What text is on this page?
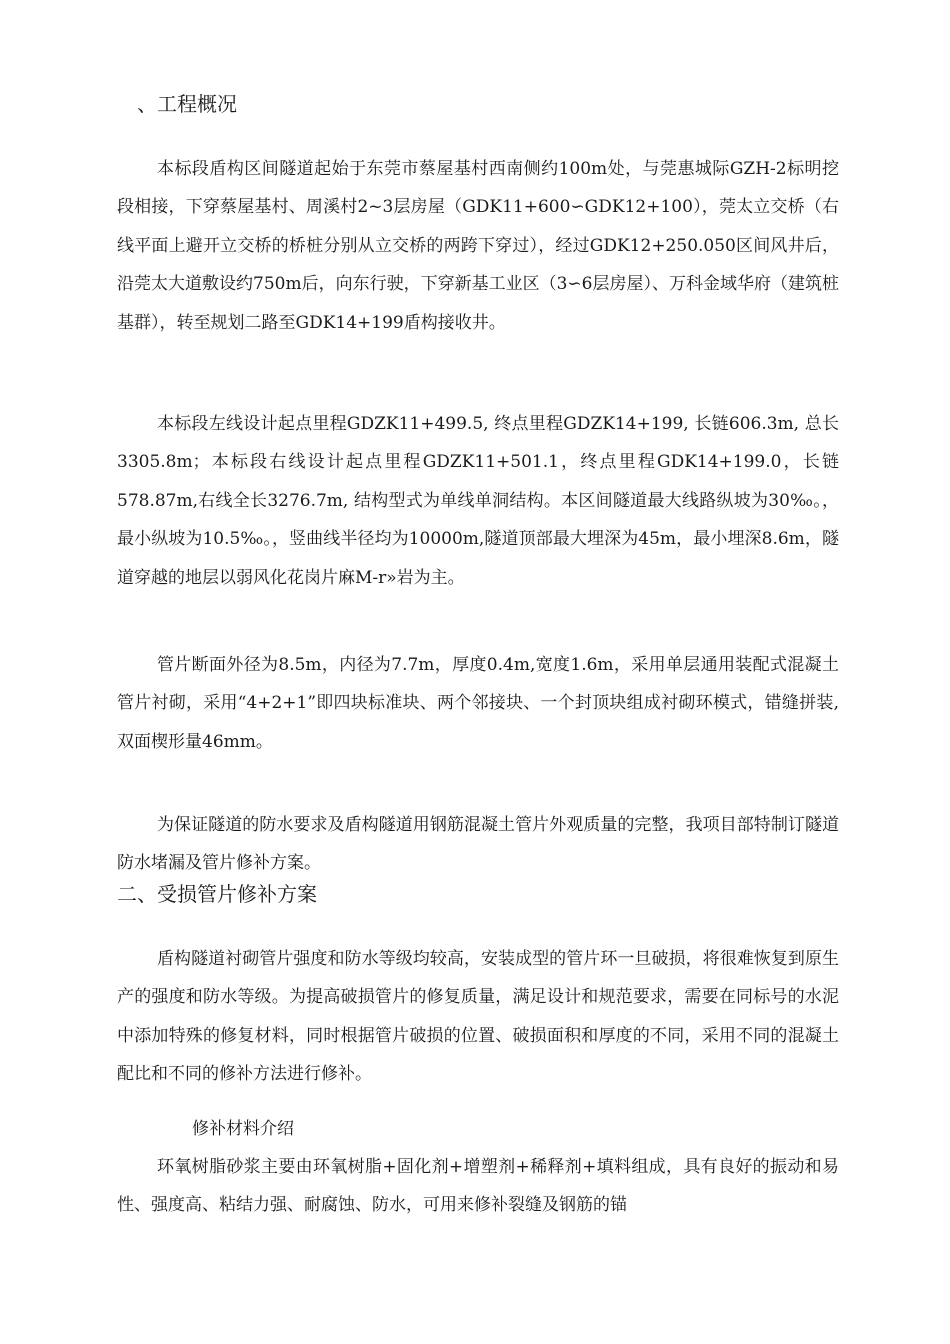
、工程概况

本标段盾构区间隧道起始于东莞市蔡屋基村西南侧约100m处，与莞惠城际GZH-2标明挖段相接，下穿蔡屋基村、周溪村2~3层房屋（GDK11+600∽GDK12+100），莞太立交桥（右线平面上避开立交桥的桥桩分别从立交桥的两跨下穿过），经过GDK12+250.050区间风井后，沿莞太大道敷设约750m后，向东行驶，下穿新基工业区（3∽6层房屋）、万科金域华府（建筑桩基群），转至规划二路至GDK14+199盾构接收井。

本标段左线设计起点里程GDZK11+499.5, 终点里程GDZK14+199, 长链606.3m, 总长3305.8m；本标段右线设计起点里程GDZK11+501.1，终点里程GDK14+199.0，长链578.87m,右线全长3276.7m, 结构型式为单线单洞结构。本区间隧道最大线路纵坡为30‰。，最小纵坡为10.5‰。，竖曲线半径均为10000m,隧道顶部最大埋深为45m，最小埋深8.6m，隧道穿越的地层以弱风化花岗片麻M-r»岩为主。

管片断面外径为8.5m，内径为7.7m，厚度0.4m,宽度1.6m，采用单层通用装配式混凝土管片衬砌，采用“4+2+1”即四块标准块、两个邻接块、一个封顶块组成衬砌环模式，错缝拼装,双面楔形量46mm。

为保证隧道的防水要求及盾构隧道用钢筋混凝土管片外观质量的完整，我项目部特制订隧道防水堵漏及管片修补方案。

二、受损管片修补方案

盾构隧道衬砌管片强度和防水等级均较高，安装成型的管片环一旦破损，将很难恢复到原生产的强度和防水等级。为提高破损管片的修复质量，满足设计和规范要求，需要在同标号的水泥中添加特殊的修复材料，同时根据管片破损的位置、破损面积和厚度的不同，采用不同的混凝土配比和不同的修补方法进行修补。

修补材料介绍

环氧树脂砂浆主要由环氧树脂+固化剂+增塑剂+稀释剂+填料组成，具有良好的振动和易性、强度高、粘结力强、耐腐蚀、防水，可用来修补裂缝及钢筋的锚
